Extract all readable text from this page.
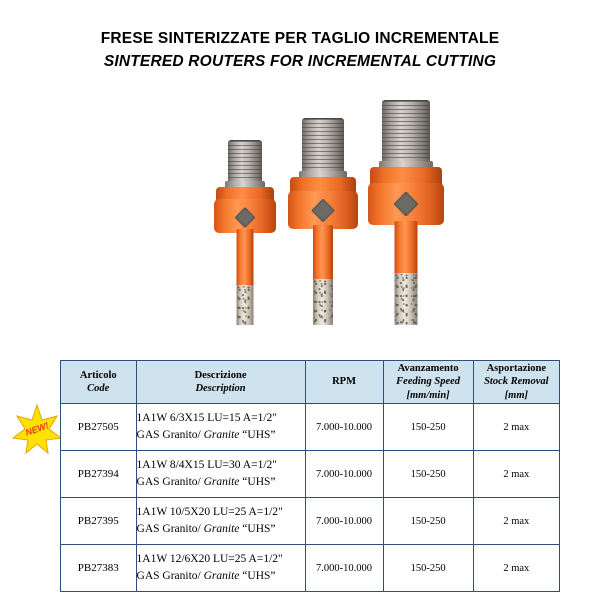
FRESE SINTERIZZATE PER TAGLIO INCREMENTALE
SINTERED ROUTERS FOR INCREMENTAL CUTTING
NEW!
Articolo
Code

Descrizione
Description

RPM

Avanzamento
Feeding Speed
[mm/min]

Asportazione
Stock Removal
[mm]

PB27505	1A1W 6/3X15 LU=15 A=1/2"
GAS Granito/ Granite “UHS”	7.000-10.000	150-250	2 max
PB27394	1A1W 8/4X15 LU=30 A=1/2"
GAS Granito/ Granite “UHS”	7.000-10.000	150-250	2 max
PB27395	1A1W 10/5X20 LU=25 A=1/2"
GAS Granito/ Granite “UHS”	7.000-10.000	150-250	2 max
PB27383	1A1W 12/6X20 LU=25 A=1/2"
GAS Granito/ Granite “UHS”	7.000-10.000	150-250	2 max
